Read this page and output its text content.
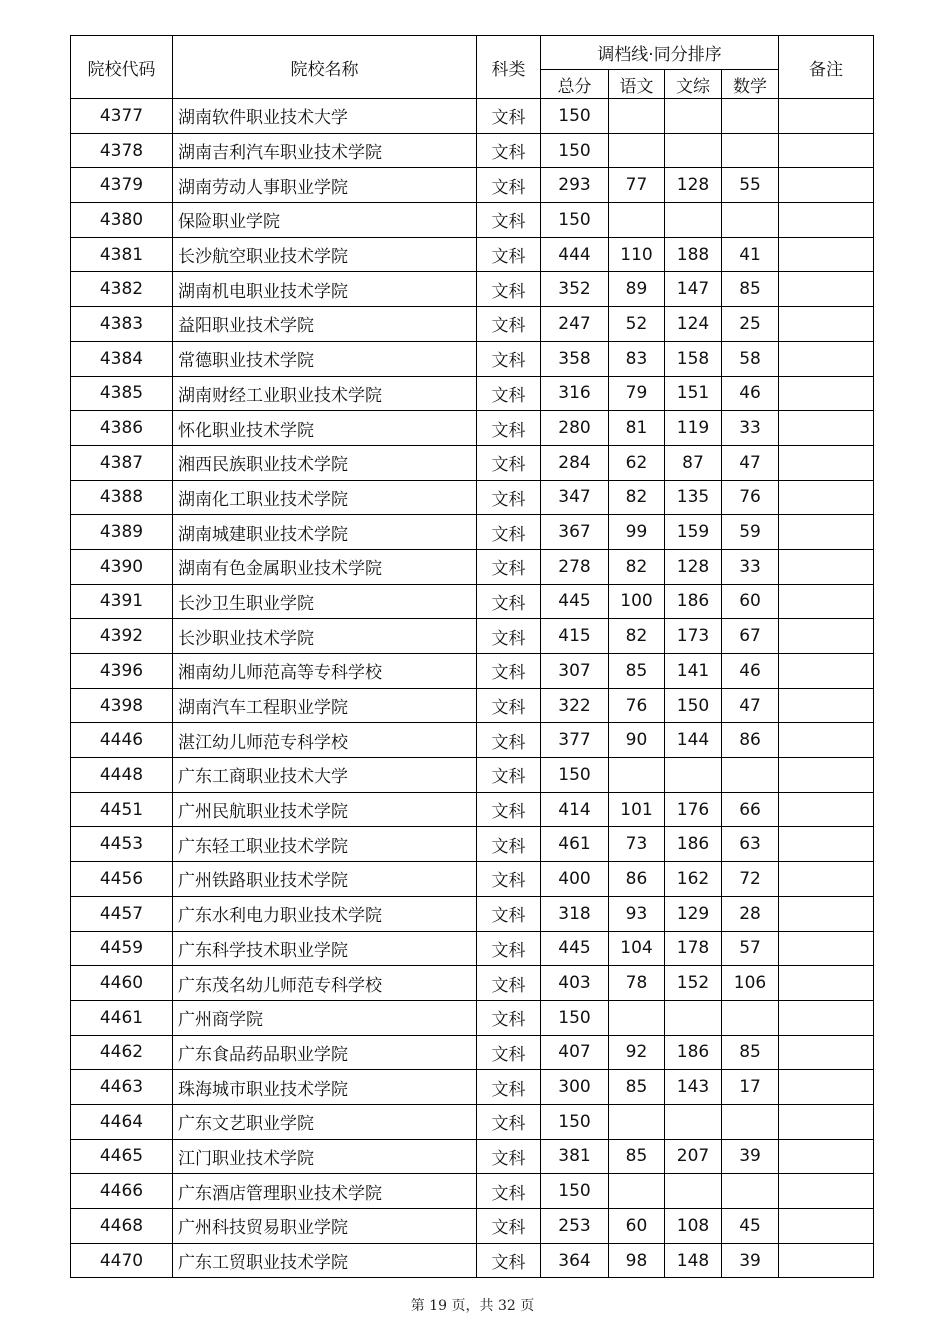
院校代码	院校名称	科类	调档线·同分排序				备注
			总分	语文	文综	数学	
4377	湖南软件职业技术大学	文科	150				
4378	湖南吉利汽车职业技术学院	文科	150				
4379	湖南劳动人事职业学院	文科	293	77	128	55	
4380	保险职业学院	文科	150				
4381	长沙航空职业技术学院	文科	444	110	188	41	
4382	湖南机电职业技术学院	文科	352	89	147	85	
4383	益阳职业技术学院	文科	247	52	124	25	
4384	常德职业技术学院	文科	358	83	158	58	
4385	湖南财经工业职业技术学院	文科	316	79	151	46	
4386	怀化职业技术学院	文科	280	81	119	33	
4387	湘西民族职业技术学院	文科	284	62	87	47	
4388	湖南化工职业技术学院	文科	347	82	135	76	
4389	湖南城建职业技术学院	文科	367	99	159	59	
4390	湖南有色金属职业技术学院	文科	278	82	128	33	
4391	长沙卫生职业学院	文科	445	100	186	60	
4392	长沙职业技术学院	文科	415	82	173	67	
4396	湘南幼儿师范高等专科学校	文科	307	85	141	46	
4398	湖南汽车工程职业学院	文科	322	76	150	47	
4446	湛江幼儿师范专科学校	文科	377	90	144	86	
4448	广东工商职业技术大学	文科	150				
4451	广州民航职业技术学院	文科	414	101	176	66	
4453	广东轻工职业技术学院	文科	461	73	186	63	
4456	广州铁路职业技术学院	文科	400	86	162	72	
4457	广东水利电力职业技术学院	文科	318	93	129	28	
4459	广东科学技术职业学院	文科	445	104	178	57	
4460	广东茂名幼儿师范专科学校	文科	403	78	152	106	
4461	广州商学院	文科	150				
4462	广东食品药品职业学院	文科	407	92	186	85	
4463	珠海城市职业技术学院	文科	300	85	143	17	
4464	广东文艺职业学院	文科	150				
4465	江门职业技术学院	文科	381	85	207	39	
4466	广东酒店管理职业技术学院	文科	150				
4468	广州科技贸易职业学院	文科	253	60	108	45	
4470	广东工贸职业技术学院	文科	364	98	148	39	
第 19 页，共 32 页
